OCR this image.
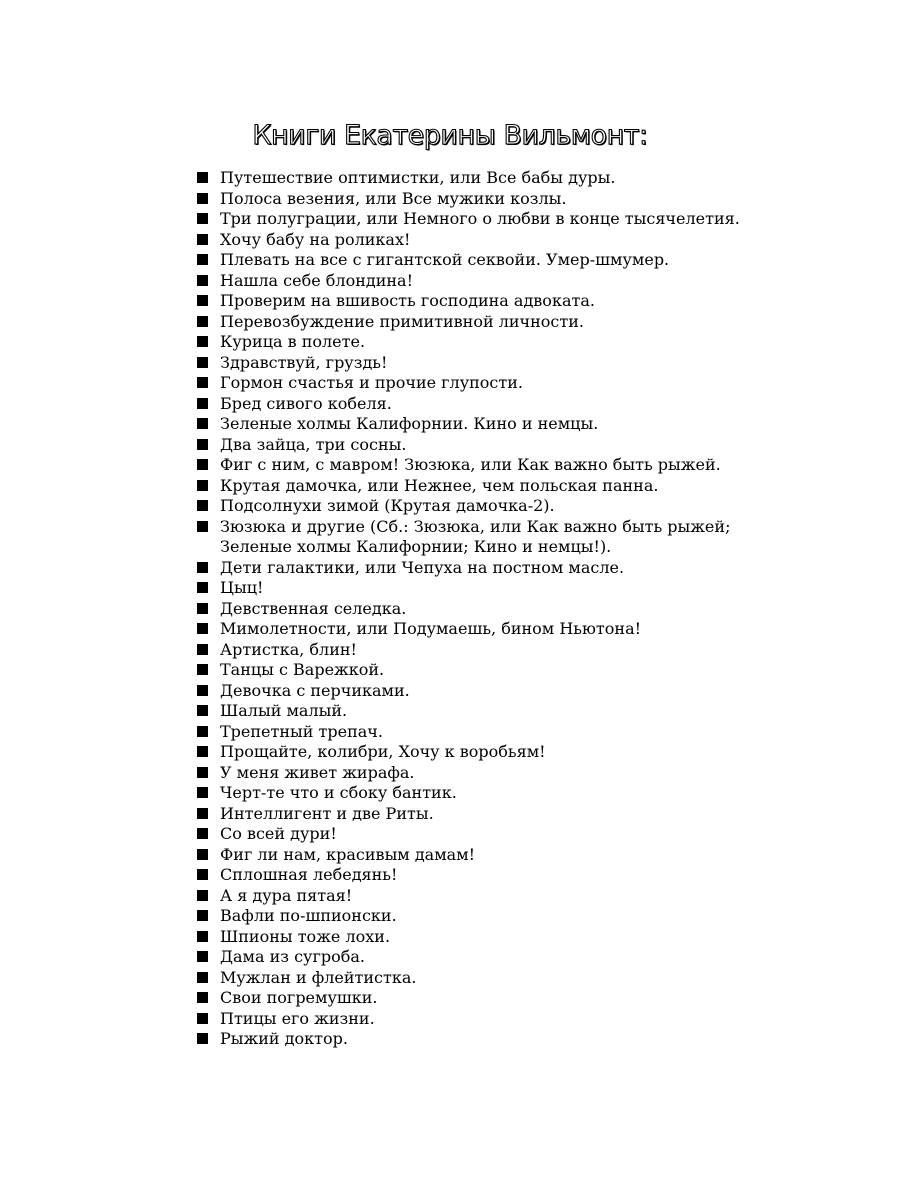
Книги Екатерины Вильмонт:
Путешествие оптимистки, или Все бабы дуры.
Полоса везения, или Все мужики козлы.
Три полуграции, или Немного о любви в конце тысячелетия.
Хочу бабу на роликах!
Плевать на все с гигантской секвойи. Умер-шмумер.
Нашла себе блондина!
Проверим на вшивость господина адвоката.
Перевозбуждение примитивной личности.
Курица в полете.
Здравствуй, груздь!
Гормон счастья и прочие глупости.
Бред сивого кобеля.
Зеленые холмы Калифорнии. Кино и немцы.
Два зайца, три сосны.
Фиг с ним, с мавром! Зюзюка, или Как важно быть рыжей.
Крутая дамочка, или Нежнее, чем польская панна.
Подсолнухи зимой (Крутая дамочка-2).
Зюзюка и другие (Сб.: Зюзюка, или Как важно быть рыжей;
Зеленые холмы Калифорнии; Кино и немцы!).
Дети галактики, или Чепуха на постном масле.
Цыц!
Девственная селедка.
Мимолетности, или Подумаешь, бином Ньютона!
Артистка, блин!
Танцы с Варежкой.
Девочка с перчиками.
Шалый малый.
Трепетный трепач.
Прощайте, колибри, Хочу к воробьям!
У меня живет жирафа.
Черт-те что и сбоку бантик.
Интеллигент и две Риты.
Со всей дури!
Фиг ли нам, красивым дамам!
Сплошная лебедянь!
А я дура пятая!
Вафли по-шпионски.
Шпионы тоже лохи.
Дама из сугроба.
Мужлан и флейтистка.
Свои погремушки.
Птицы его жизни.
Рыжий доктор.
